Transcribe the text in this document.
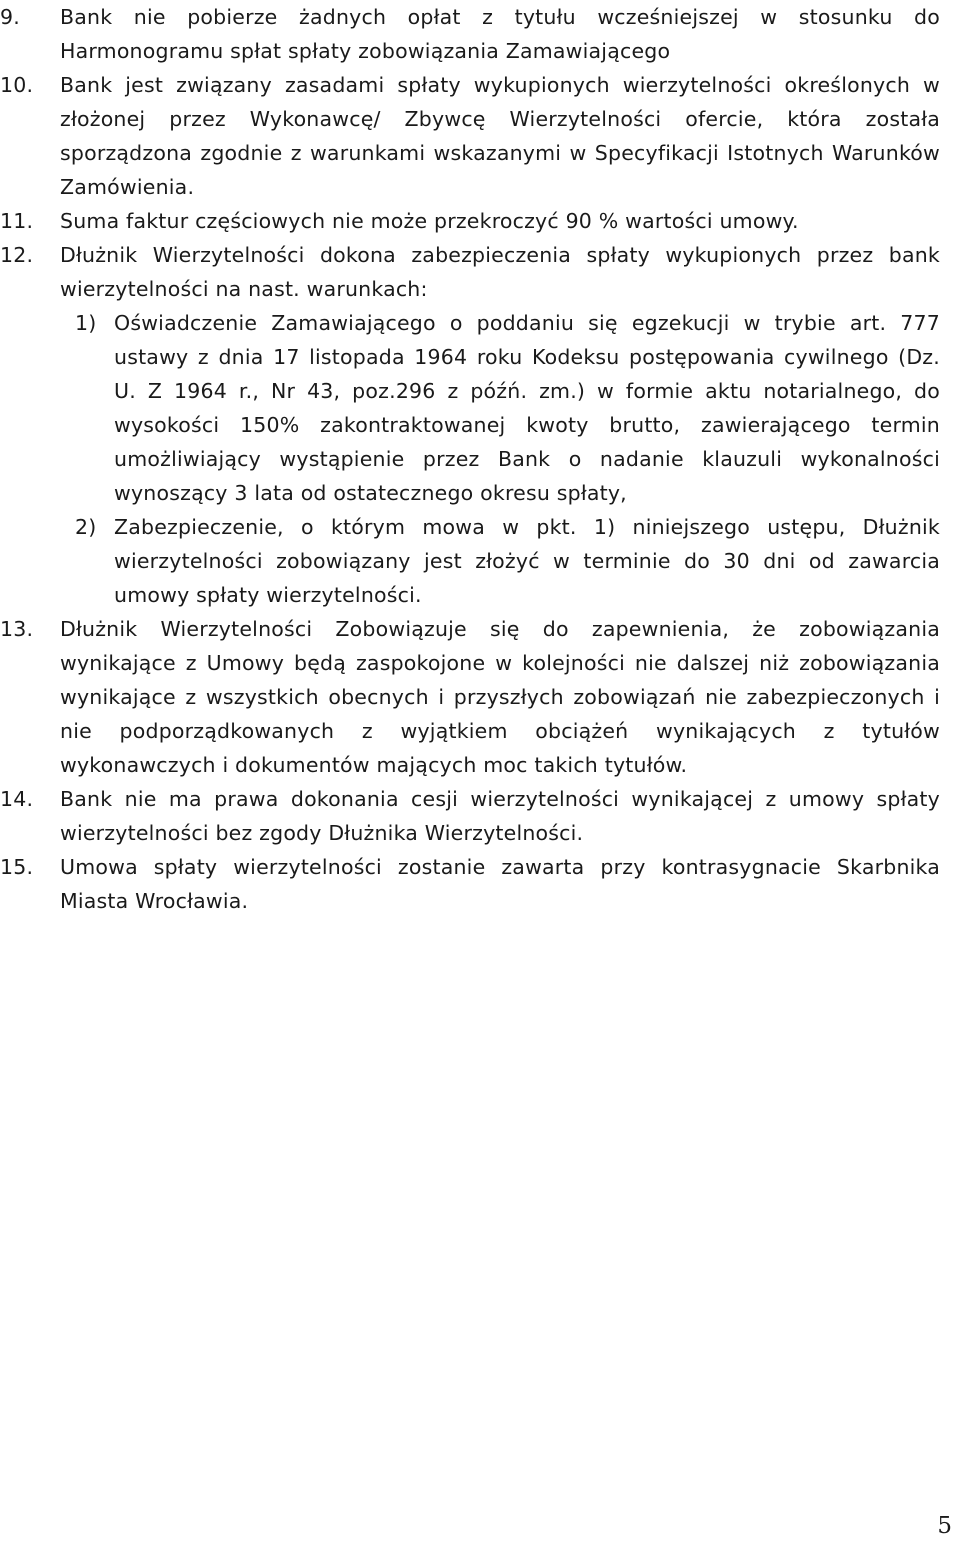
9. Bank nie pobierze żadnych opłat z tytułu wcześniejszej w stosunku do Harmonogramu spłat spłaty zobowiązania Zamawiającego
10. Bank jest związany zasadami spłaty wykupionych wierzytelności określonych w złożonej przez Wykonawcę/ Zbywcę Wierzytelności ofercie, która została sporządzona zgodnie z warunkami wskazanymi w Specyfikacji Istotnych Warunków Zamówienia.
11. Suma faktur częściowych nie może przekroczyć 90 % wartości umowy.
12. Dłużnik Wierzytelności dokona zabezpieczenia spłaty wykupionych przez bank wierzytelności na nast. warunkach:
1) Oświadczenie Zamawiającego o poddaniu się egzekucji w trybie art. 777 ustawy z dnia 17 listopada 1964 roku Kodeksu postępowania cywilnego (Dz. U. Z 1964 r., Nr 43, poz.296 z późń. zm.) w formie aktu notarialnego, do wysokości 150% zakontraktowanej kwoty brutto, zawierającego termin umożliwiający wystąpienie przez Bank o nadanie klauzuli wykonalności wynoszący 3 lata od ostatecznego okresu spłaty,
2) Zabezpieczenie, o którym mowa w pkt. 1) niniejszego ustępu, Dłużnik wierzytelności zobowiązany jest złożyć w terminie do 30 dni od zawarcia umowy spłaty wierzytelności.
13. Dłużnik Wierzytelności Zobowiązuje się do zapewnienia, że zobowiązania wynikające z Umowy będą zaspokojone w kolejności nie dalszej niż zobowiązania wynikające z wszystkich obecnych i przyszłych zobowiązań nie zabezpieczonych i nie podporządkowanych z wyjątkiem obciążeń wynikających z tytułów wykonawczych i dokumentów mających moc takich tytułów.
14. Bank nie ma prawa dokonania cesji wierzytelności wynikającej z umowy spłaty wierzytelności bez zgody Dłużnika Wierzytelności.
15. Umowa spłaty wierzytelności zostanie zawarta przy kontrasygnacie Skarbnika Miasta Wrocławia.
5
